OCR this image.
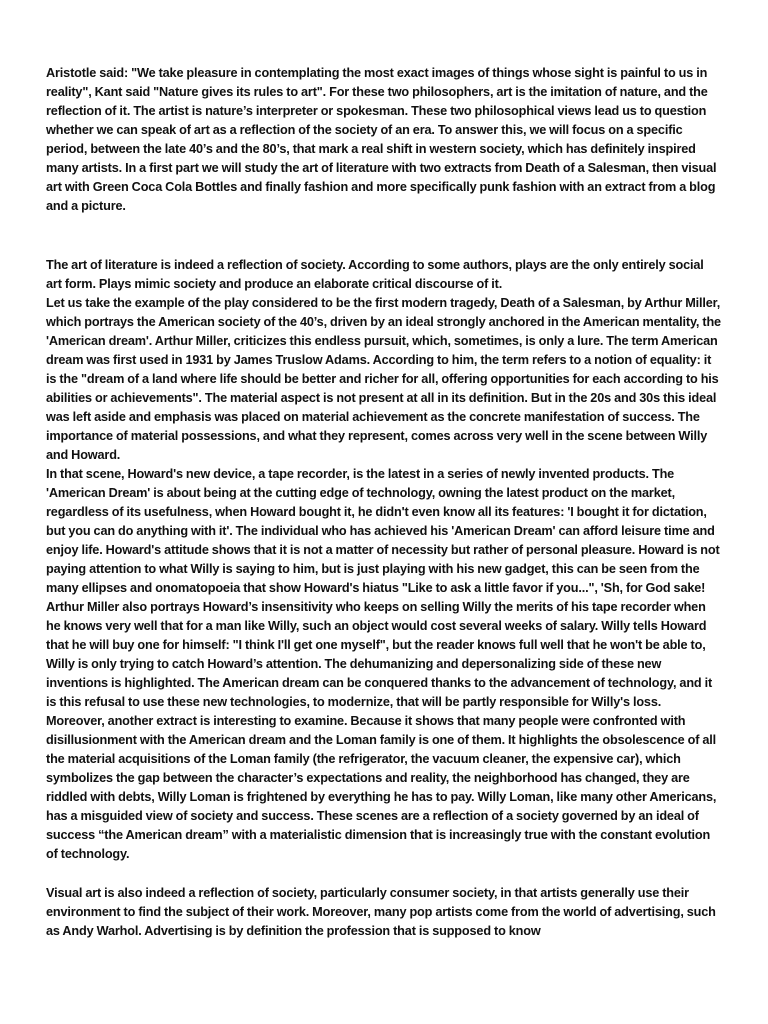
Aristotle said: "We take pleasure in contemplating the most exact images of things whose sight is painful to us in reality", Kant said "Nature gives its rules to art". For these two philosophers, art is the imitation of nature, and the reflection of it. The artist is nature’s interpreter or spokesman. These two philosophical views lead us to question whether we can speak of art as a reflection of the society of an era. To answer this, we will focus on a specific period, between the late 40’s and the 80’s, that mark a real shift in western society, which has definitely inspired many artists. In a first part we will study the art of literature with two extracts from Death of a Salesman, then visual art with Green Coca Cola Bottles and finally fashion and more specifically punk fashion with an extract from a blog and a picture.

The art of literature is indeed a reflection of society. According to some authors, plays are the only entirely social art form. Plays mimic society and produce an elaborate critical discourse of it.

Let us take the example of the play considered to be the first modern tragedy, Death of a Salesman, by Arthur Miller, which portrays the American society of the 40’s, driven by an ideal strongly anchored in the American mentality, the 'American dream'. Arthur Miller, criticizes this endless pursuit, which, sometimes, is only a lure. The term American dream was first used in 1931 by James Truslow Adams. According to him, the term refers to a notion of equality: it is the "dream of a land where life should be better and richer for all, offering opportunities for each according to his abilities or achievements". The material aspect is not present at all in its definition. But in the 20s and 30s this ideal was left aside and emphasis was placed on material achievement as the concrete manifestation of success. The importance of material possessions, and what they represent, comes across very well in the scene between Willy and Howard.

In that scene, Howard's new device, a tape recorder, is the latest in a series of newly invented products. The 'American Dream' is about being at the cutting edge of technology, owning the latest product on the market, regardless of its usefulness, when Howard bought it, he didn't even know all its features: 'I bought it for dictation, but you can do anything with it'. The individual who has achieved his 'American Dream' can afford leisure time and enjoy life. Howard's attitude shows that it is not a matter of necessity but rather of personal pleasure. Howard is not paying attention to what Willy is saying to him, but is just playing with his new gadget, this can be seen from the many ellipses and onomatopoeia that show Howard's hiatus "Like to ask a little favor if you...", 'Sh, for God sake! Arthur Miller also portrays Howard’s insensitivity who keeps on selling Willy the merits of his tape recorder when he knows very well that for a man like Willy, such an object would cost several weeks of salary. Willy tells Howard that he will buy one for himself: "I think I'll get one myself", but the reader knows full well that he won't be able to, Willy is only trying to catch Howard’s attention. The dehumanizing and depersonalizing side of these new inventions is highlighted. The American dream can be conquered thanks to the advancement of technology, and it is this refusal to use these new technologies, to modernize, that will be partly responsible for Willy's loss. Moreover, another extract is interesting to examine. Because it shows that many people were confronted with disillusionment with the American dream and the Loman family is one of them. It highlights the obsolescence of all the material acquisitions of the Loman family (the refrigerator, the vacuum cleaner, the expensive car), which symbolizes the gap between the character’s expectations and reality, the neighborhood has changed, they are riddled with debts, Willy Loman is frightened by everything he has to pay. Willy Loman, like many other Americans, has a misguided view of society and success. These scenes are a reflection of a society governed by an ideal of success “the American dream” with a materialistic dimension that is increasingly true with the constant evolution of technology.

Visual art is also indeed a reflection of society, particularly consumer society, in that artists generally use their environment to find the subject of their work. Moreover, many pop artists come from the world of advertising, such as Andy Warhol. Advertising is by definition the profession that is supposed to know
